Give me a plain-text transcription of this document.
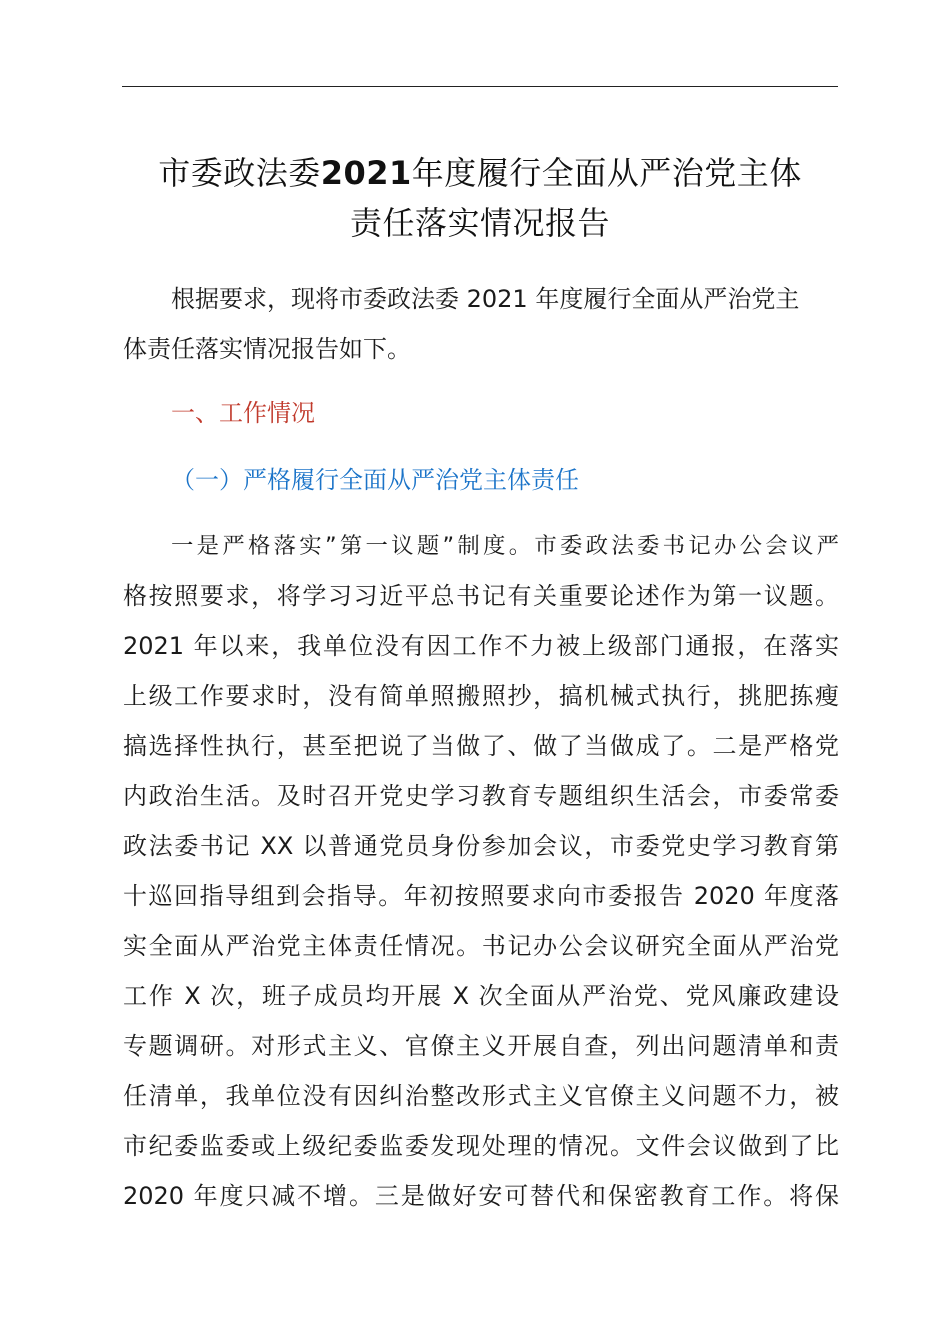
市委政法委2021年度履行全面从严治党主体
责任落实情况报告

根据要求，现将市委政法委 2021 年度履行全面从严治党主
体责任落实情况报告如下。

一、工作情况
（一）严格履行全面从严治党主体责任
一是严格落实”第一议题”制度。市委政法委书记办公会议严
格按照要求，将学习习近平总书记有关重要论述作为第一议题。
2021 年以来，我单位没有因工作不力被上级部门通报，在落实
上级工作要求时，没有简单照搬照抄，搞机械式执行，挑肥拣瘦
搞选择性执行，甚至把说了当做了、做了当做成了。二是严格党
内政治生活。及时召开党史学习教育专题组织生活会，市委常委
政法委书记 XX 以普通党员身份参加会议，市委党史学习教育第
十巡回指导组到会指导。年初按照要求向市委报告 2020 年度落
实全面从严治党主体责任情况。书记办公会议研究全面从严治党
工作 X 次，班子成员均开展 X 次全面从严治党、党风廉政建设
专题调研。对形式主义、官僚主义开展自查，列出问题清单和责
任清单，我单位没有因纠治整改形式主义官僚主义问题不力，被
市纪委监委或上级纪委监委发现处理的情况。文件会议做到了比
2020 年度只减不增。三是做好安可替代和保密教育工作。将保
